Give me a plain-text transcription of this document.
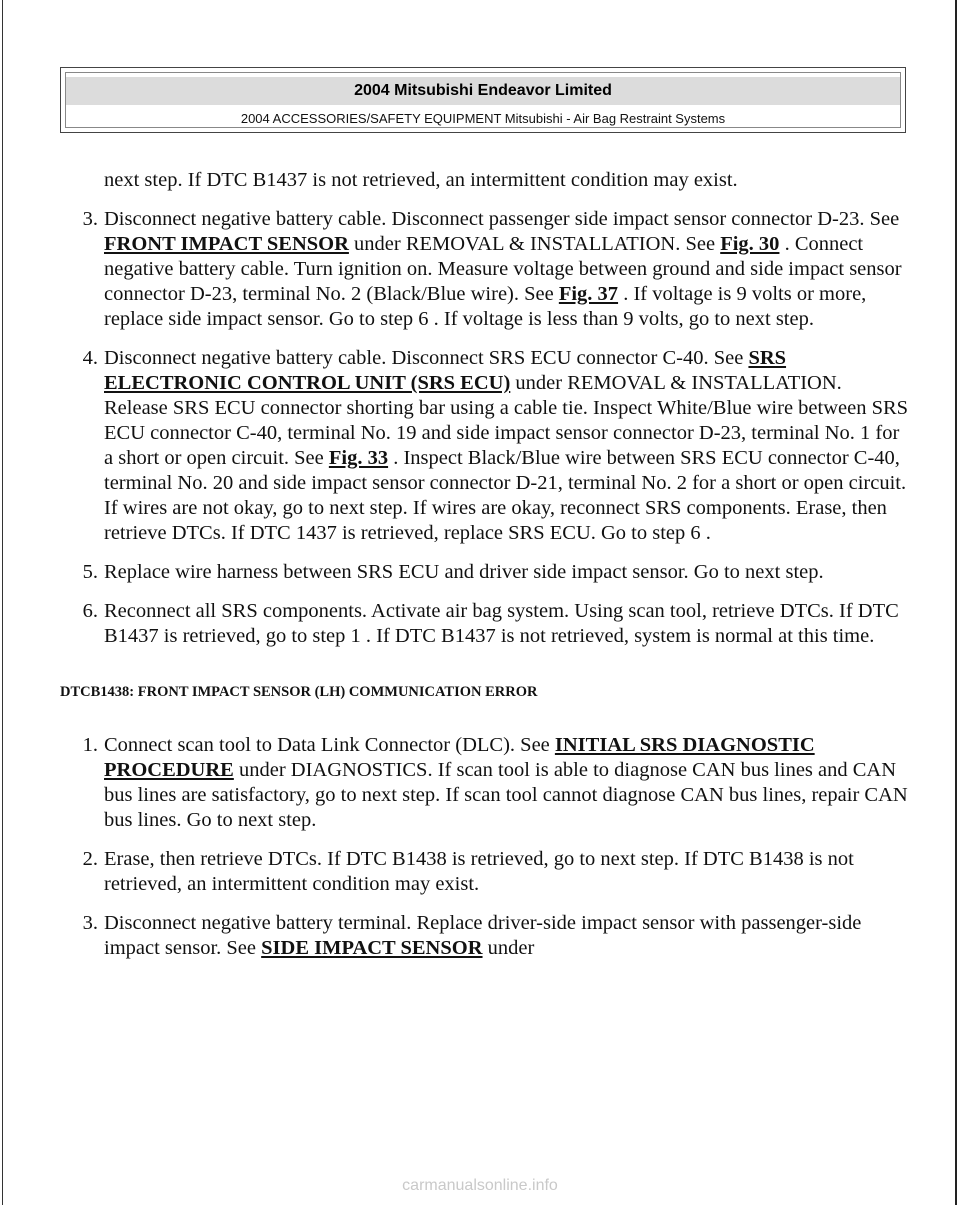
2004 Mitsubishi Endeavor Limited
2004 ACCESSORIES/SAFETY EQUIPMENT Mitsubishi - Air Bag Restraint Systems

next step. If DTC B1437 is not retrieved, an intermittent condition may exist.

3. Disconnect negative battery cable. Disconnect passenger side impact sensor connector D-23. See FRONT IMPACT SENSOR under REMOVAL & INSTALLATION. See Fig. 30 . Connect negative battery cable. Turn ignition on. Measure voltage between ground and side impact sensor connector D-23, terminal No. 2 (Black/Blue wire). See Fig. 37 . If voltage is 9 volts or more, replace side impact sensor. Go to step 6 . If voltage is less than 9 volts, go to next step.
4. Disconnect negative battery cable. Disconnect SRS ECU connector C-40. See SRS ELECTRONIC CONTROL UNIT (SRS ECU) under REMOVAL & INSTALLATION. Release SRS ECU connector shorting bar using a cable tie. Inspect White/Blue wire between SRS ECU connector C-40, terminal No. 19 and side impact sensor connector D-23, terminal No. 1 for a short or open circuit. See Fig. 33 . Inspect Black/Blue wire between SRS ECU connector C-40, terminal No. 20 and side impact sensor connector D-21, terminal No. 2 for a short or open circuit. If wires are not okay, go to next step. If wires are okay, reconnect SRS components. Erase, then retrieve DTCs. If DTC 1437 is retrieved, replace SRS ECU. Go to step 6 .
5. Replace wire harness between SRS ECU and driver side impact sensor. Go to next step.
6. Reconnect all SRS components. Activate air bag system. Using scan tool, retrieve DTCs. If DTC B1437 is retrieved, go to step 1 . If DTC B1437 is not retrieved, system is normal at this time.
DTCB1438: FRONT IMPACT SENSOR (LH) COMMUNICATION ERROR
1. Connect scan tool to Data Link Connector (DLC). See INITIAL SRS DIAGNOSTIC PROCEDURE under DIAGNOSTICS. If scan tool is able to diagnose CAN bus lines and CAN bus lines are satisfactory, go to next step. If scan tool cannot diagnose CAN bus lines, repair CAN bus lines. Go to next step.
2. Erase, then retrieve DTCs. If DTC B1438 is retrieved, go to next step. If DTC B1438 is not retrieved, an intermittent condition may exist.
3. Disconnect negative battery terminal. Replace driver-side impact sensor with passenger-side impact sensor. See SIDE IMPACT SENSOR under
carmanualsonline.info
